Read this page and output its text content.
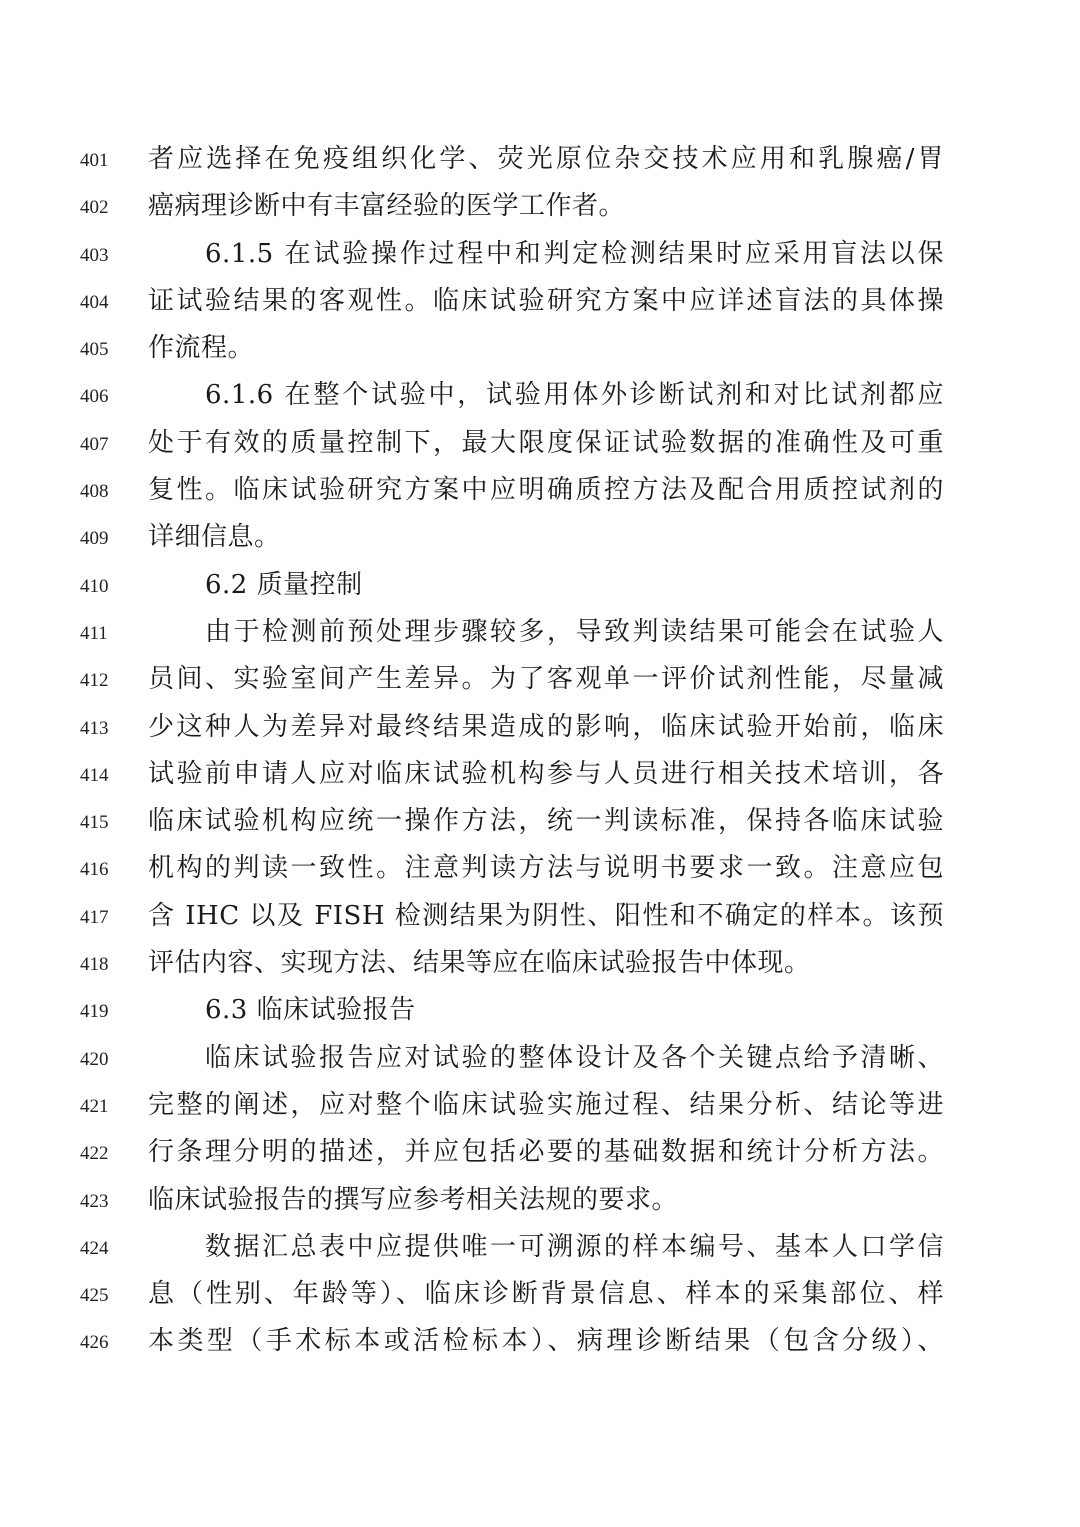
401	者应选择在免疫组织化学、荧光原位杂交技术应用和乳腺癌/胃
402	癌病理诊断中有丰富经验的医学工作者。
403	6.1.5 在试验操作过程中和判定检测结果时应采用盲法以保
404	证试验结果的客观性。临床试验研究方案中应详述盲法的具体操
405	作流程。
406	6.1.6 在整个试验中，试验用体外诊断试剂和对比试剂都应
407	处于有效的质量控制下，最大限度保证试验数据的准确性及可重
408	复性。临床试验研究方案中应明确质控方法及配合用质控试剂的
409	详细信息。
410	6.2 质量控制
411	由于检测前预处理步骤较多，导致判读结果可能会在试验人
412	员间、实验室间产生差异。为了客观单一评价试剂性能，尽量减
413	少这种人为差异对最终结果造成的影响，临床试验开始前，临床
414	试验前申请人应对临床试验机构参与人员进行相关技术培训，各
415	临床试验机构应统一操作方法，统一判读标准，保持各临床试验
416	机构的判读一致性。注意判读方法与说明书要求一致。注意应包
417	含 IHC 以及 FISH 检测结果为阴性、阳性和不确定的样本。该预
418	评估内容、实现方法、结果等应在临床试验报告中体现。
419	6.3 临床试验报告
420	临床试验报告应对试验的整体设计及各个关键点给予清晰、
421	完整的阐述，应对整个临床试验实施过程、结果分析、结论等进
422	行条理分明的描述，并应包括必要的基础数据和统计分析方法。
423	临床试验报告的撰写应参考相关法规的要求。
424	数据汇总表中应提供唯一可溯源的样本编号、基本人口学信
425	息（性别、年龄等）、临床诊断背景信息、样本的采集部位、样
426	本类型（手术标本或活检标本）、病理诊断结果（包含分级）、
